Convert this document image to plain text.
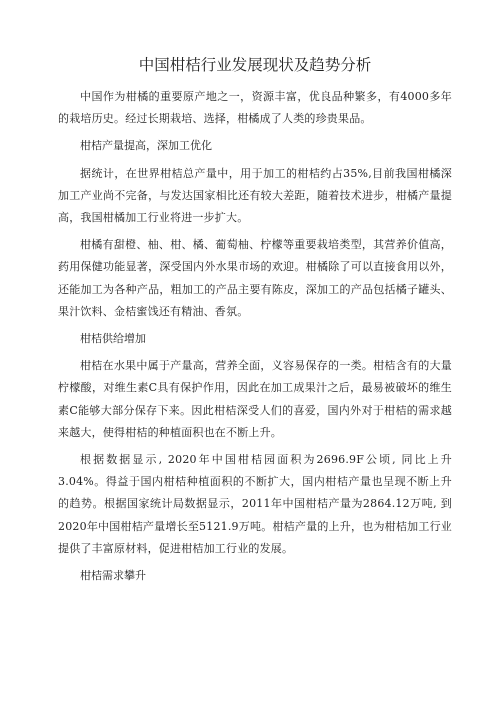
中国柑桔行业发展现状及趋势分析

中国作为柑橘的重要原产地之一，资源丰富，优良品种繁多，有4000多年的栽培历史。经过长期栽培、选择，柑橘成了人类的珍贵果品。

柑桔产量提高，深加工优化

据统计，在世界柑桔总产量中，用于加工的柑桔约占35%,目前我国柑橘深加工产业尚不完备，与发达国家相比还有较大差距，随着技术进步，柑橘产量提高，我国柑橘加工行业将进一步扩大。

柑橘有甜橙、柚、柑、橘、葡萄柚、柠檬等重要栽培类型，其营养价值高，药用保健功能显著，深受国内外水果市场的欢迎。柑橘除了可以直接食用以外，还能加工为各种产品，粗加工的产品主要有陈皮，深加工的产品包括橘子罐头、果汁饮料、金桔蜜饯还有精油、香氛。

柑桔供给增加

柑桔在水果中属于产量高，营养全面，义容易保存的一类。柑桔含有的大量柠檬酸，对维生素C具有保护作用，因此在加工成果汁之后，最易被破坏的维生素C能够大部分保存下来。因此柑桔深受人们的喜爱，国内外对于柑桔的需求越来越大，使得柑桔的种植面积也在不断上升。

根据数据显示, 2020年中国柑桔园面积为2696.9F公顷, 同比上升3.04%。得益于国内柑桔种植面积的不断扩大，国内柑桔产量也呈现不断上升的趋势。根据国家统计局数据显示，2011年中国柑桔产量为2864.12万吨, 到2020年中国柑桔产量增长至5121.9万吨。柑桔产量的上升，也为柑桔加工行业提供了丰富原材料，促进柑桔加工行业的发展。

柑桔需求攀升
